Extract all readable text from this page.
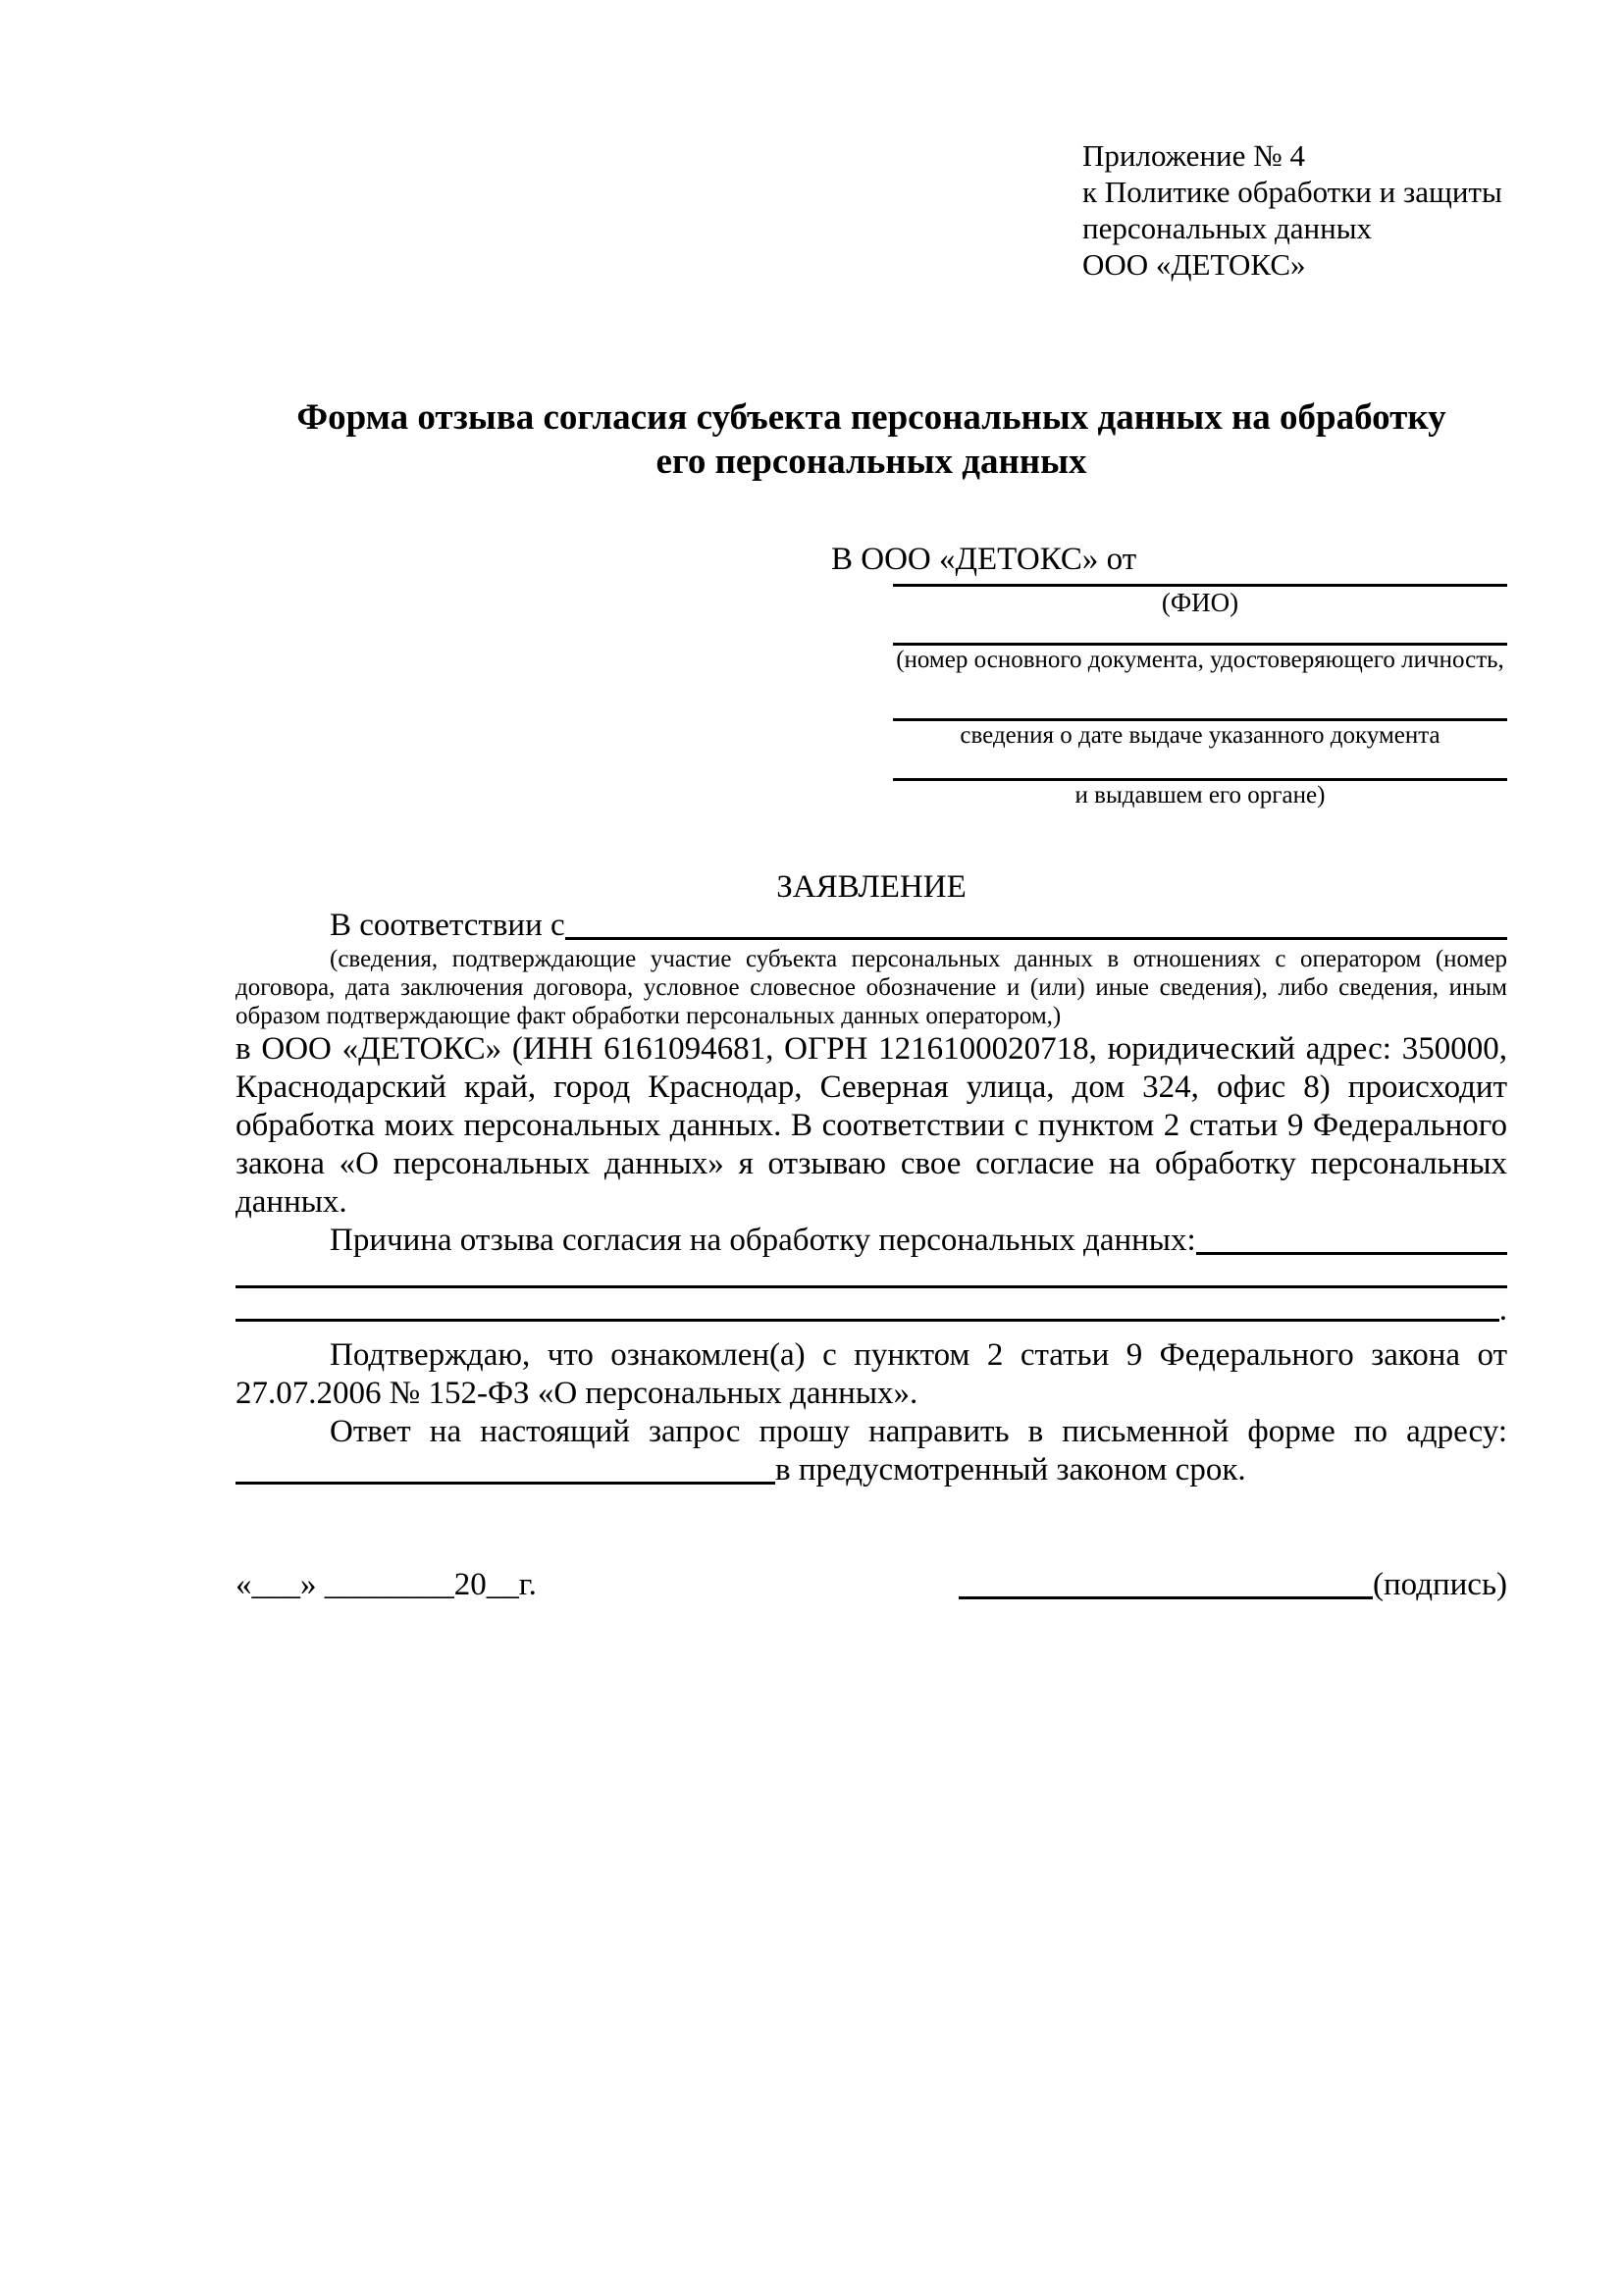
Приложение № 4
к Политике обработки и защиты
персональных данных
ООО «ДЕТОКС»
Форма отзыва согласия субъекта персональных данных на обработку
его персональных данных
В ООО «ДЕТОКС» от
(ФИО)
(номер основного документа, удостоверяющего личность,
сведения о дате выдаче указанного документа
и выдавшем его органе)
ЗАЯВЛЕНИЕ
В соответствии с

(сведения, подтверждающие участие субъекта персональных данных в отношениях с оператором (номер договора, дата заключения договора, условное словесное обозначение и (или) иные сведения), либо сведения, иным образом подтверждающие факт обработки персональных данных оператором,)

в ООО «ДЕТОКС» (ИНН 6161094681, ОГРН 1216100020718, юридический адрес: 350000, Краснодарский край, город Краснодар, Северная улица, дом 324, офис 8) происходит обработка моих персональных данных. В соответствии с пунктом 2 статьи 9 Федерального закона «О персональных данных» я отзываю свое согласие на обработку персональных данных.

Причина отзыва согласия на обработку персональных данных:
.

Подтверждаю, что ознакомлен(а) с пунктом 2 статьи 9 Федерального закона от 27.07.2006 № 152-ФЗ «О персональных данных».

Ответ на настоящий запрос прошу направить в письменной форме по адресу:

в предусмотренный законом срок.
«___» ________20__г.	(подпись)
